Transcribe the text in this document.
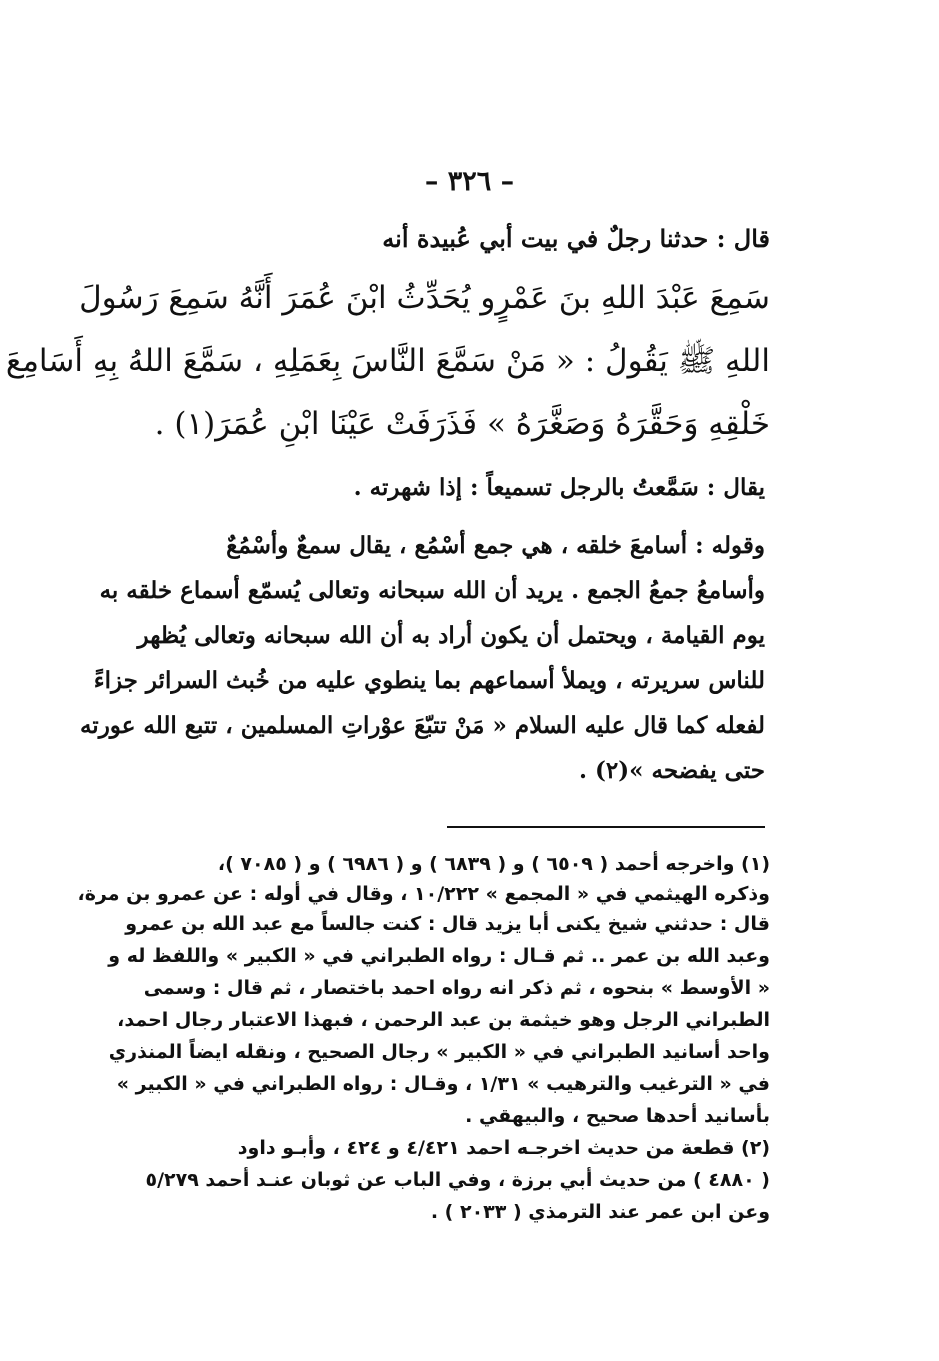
– ٣٢٦ –
قال : حدثنا رجلٌ في بيت أبي عُبيدة أنه
سَمِعَ عَبْدَ اللهِ بنَ عَمْرٍو يُحَدِّثُ ابْنَ عُمَرَ أَنَّهُ سَمِعَ رَسُولَ
اللهِ ﷺ يَقُولُ : « مَنْ سَمَّعَ النَّاسَ بِعَمَلِهِ ، سَمَّعَ اللهُ بِهِ أَسَامِعَ
خَلْقِهِ وَحَقَّرَهُ وَصَغَّرَهُ » فَذَرَفَتْ عَيْنَا ابْنِ عُمَرَ(١) .
يقال : سَمَّعتُ بالرجل تسميعاً : إذا شهرته .
وقوله : أسامعَ خلقه ، هي جمع أسْمُع ، يقال سمعٌ وأسْمُعٌ
وأسامعُ جمعُ الجمع . يريد أن الله سبحانه وتعالى يُسمّع أسماع خلقه به
يوم القيامة ، ويحتمل أن يكون أراد به أن الله سبحانه وتعالى يُظهر
للناس سريرته ، ويملأ أسماعهم بما ينطوي عليه من خُبث السرائر جزاءً
لفعله كما قال عليه السلام « مَنْ تتبّعَ عوْراتِ المسلمين ، تتبع الله عورته
حتى يفضحه »(٢) .
(١) واخرجه أحمد ( ٦٥٠٩ ) و ( ٦٨٣٩ ) و ( ٦٩٨٦ ) و ( ٧٠٨٥ )،
وذكره الهيثمي في « المجمع » ١٠/٢٢٢ ، وقال في أوله : عن عمرو بن مرة،
قال : حدثني شيخ يكنى أبا يزيد قال : كنت جالساً مع عبد الله بن عمرو
وعبد الله بن عمر .. ثم قـال : رواه الطبراني في « الكبير » واللفظ له و
« الأوسط » بنحوه ، ثم ذكر انه رواه احمد باختصار ، ثم قال : وسمى
الطبراني الرجل وهو خيثمة بن عبد الرحمن ، فبهذا الاعتبار رجال احمد،
واحد أسانيد الطبراني في « الكبير » رجال الصحيح ، ونقله ايضاً المنذري
في « الترغيب والترهيب » ١/٣١ ، وقـال : رواه الطبراني في « الكبير »
بأسانيد أحدها صحيح ، والبيهقي .
(٢) قطعة من حديث اخرجـه احمد ٤/٤٢١ و ٤٢٤ ، وأبـو داود
( ٤٨٨٠ ) من حديث أبي برزة ، وفي الباب عن ثوبان عنـد أحمد ٥/٢٧٩
وعن ابن عمر عند الترمذي ( ٢٠٣٣ ) .
